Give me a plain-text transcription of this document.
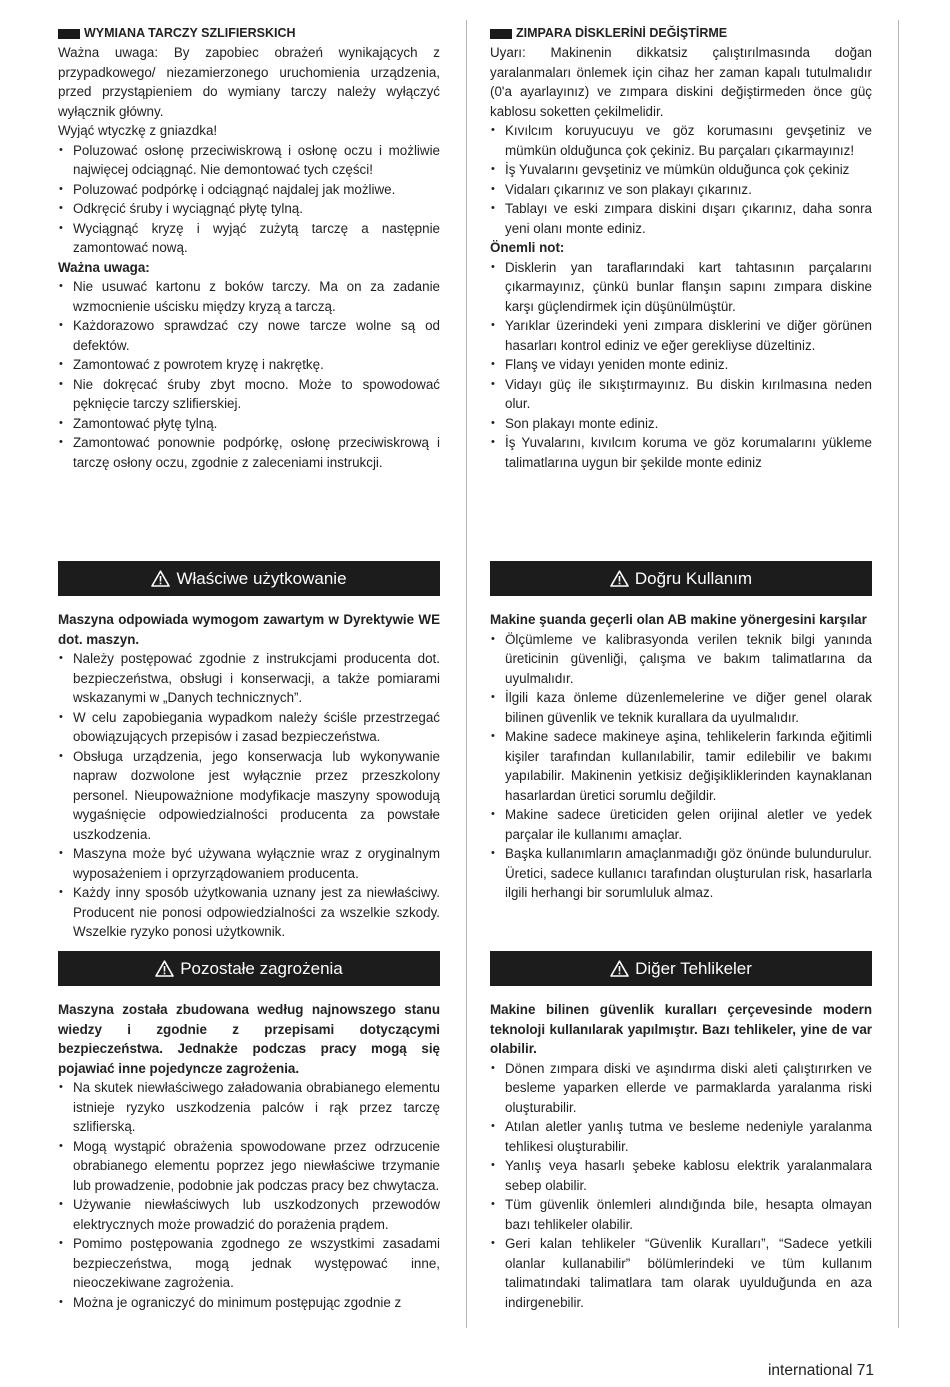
WYMIANA TARCZY SZLIFIERSKICH

Ważna uwaga: By zapobiec obrażeń wynikających z przypadkowego/ niezamierzonego uruchomienia urządzenia, przed przystąpieniem do wymiany tarczy należy wyłączyć wyłącznik główny.

Wyjąć wtyczkę z gniazdka!

• Poluzować osłonę przeciwiskrową i osłonę oczu i możliwie najwięcej odciągnąć. Nie demontować tych części!
• Poluzować podpórkę i odciągnąć najdalej jak możliwe.
• Odkręcić śruby i wyciągnąć płytę tylną.
• Wyciągnąć kryzę i wyjąć zużytą tarczę a następnie zamontować nową.

Ważna uwaga:

• Nie usuwać kartonu z boków tarczy. Ma on za zadanie wzmocnienie uścisku między kryzą a tarczą.
• Każdorazowo sprawdzać czy nowe tarcze wolne są od defektów.
• Zamontować z powrotem kryzę i nakrętkę.
• Nie dokręcać śruby zbyt mocno. Może to spowodować pęknięcie tarczy szlifierskiej.
• Zamontować płytę tylną.
• Zamontować ponownie podpórkę, osłonę przeciwiskrową i tarczę osłony oczu, zgodnie z zaleceniami instrukcji.
ZIMPARA DİSKLERİNİ DEĞİŞTİRME

Uyarı: Makinenin dikkatsiz çalıştırılmasında doğan yaralanmaları önlemek için cihaz her zaman kapalı tutulmalıdır (0'a ayarlayınız) ve zımpara diskini değiştirmeden önce güç kablosu soketten çekilmelidir.

• Kıvılcım koruyucuyu ve göz korumasını gevşetiniz ve mümkün olduğunca çok çekiniz. Bu parçaları çıkarmayınız!
• İş Yuvalarını gevşetiniz ve mümkün olduğunca çok çekiniz
• Vidaları çıkarınız ve son plakayı çıkarınız.
• Tablayı ve eski zımpara diskini dışarı çıkarınız, daha sonra yeni olanı monte ediniz.

Önemli not:

• Disklerin yan taraflarındaki kart tahtasının parçalarını çıkarmayınız, çünkü bunlar flanşın sapını zımpara diskine karşı güçlendirmek için düşünülmüştür.
• Yarıklar üzerindeki yeni zımpara disklerini ve diğer görünen hasarları kontrol ediniz ve eğer gerekliyse düzeltiniz.
• Flanş ve vidayı yeniden monte ediniz.
• Vidayı güç ile sıkıştırmayınız. Bu diskin kırılmasına neden olur.
• Son plakayı monte ediniz.
• İş Yuvalarını, kıvılcım koruma ve göz korumalarını yükleme talimatlarına uygun bir şekilde monte ediniz
Właściwe użytkowanie	Doğru Kullanım

Maszyna odpowiada wymogom zawartym w Dyrektywie WE dot. maszyn.

• Należy postępować zgodnie z instrukcjami producenta dot. bezpieczeństwa, obsługi i konserwacji, a także pomiarami wskazanymi w „Danych technicznych”.
• W celu zapobiegania wypadkom należy ściśle przestrzegać obowiązujących przepisów i zasad bezpieczeństwa.
• Obsługa urządzenia, jego konserwacja lub wykonywanie napraw dozwolone jest wyłącznie przez przeszkolony personel. Nieupoważnione modyfikacje maszyny spowodują wygaśnięcie odpowiedzialności producenta za powstałe uszkodzenia.
• Maszyna może być używana wyłącznie wraz z oryginalnym wyposażeniem i oprzyrządowaniem producenta.
• Każdy inny sposób użytkowania uznany jest za niewłaściwy. Producent nie ponosi odpowiedzialności za wszelkie szkody. Wszelkie ryzyko ponosi użytkownik.

Makine şuanda geçerli olan AB makine yönergesini karşılar

• Ölçümleme ve kalibrasyonda verilen teknik bilgi yanında üreticinin güvenliği, çalışma ve bakım talimatlarına da uyulmalıdır.
• İlgili kaza önleme düzenlemelerine ve diğer genel olarak bilinen güvenlik ve teknik kurallara da uyulmalıdır.
• Makine sadece makineye aşina, tehlikelerin farkında eğitimli kişiler tarafından kullanılabilir, tamir edilebilir ve bakımı yapılabilir. Makinenin yetkisiz değişikliklerinden kaynaklanan hasarlardan üretici sorumlu değildir.
• Makine sadece üreticiden gelen orijinal aletler ve yedek parçalar ile kullanımı amaçlar.
• Başka kullanımların amaçlanmadığı göz önünde bulundurulur. Üretici, sadece kullanıcı tarafından oluşturulan risk, hasarlarla ilgili herhangi bir sorumluluk almaz.
Pozostałe zagrożenia	Diğer Tehlikeler

Maszyna została zbudowana według najnowszego stanu wiedzy i zgodnie z przepisami dotyczącymi bezpieczeństwa. Jednakże podczas pracy mogą się pojawiać inne pojedyncze zagrożenia.

• Na skutek niewłaściwego załadowania obrabianego elementu istnieje ryzyko uszkodzenia palców i rąk przez tarczę szlifierską.
• Mogą wystąpić obrażenia spowodowane przez odrzucenie obrabianego elementu poprzez jego niewłaściwe trzymanie lub prowadzenie, podobnie jak podczas pracy bez chwytacza.
• Używanie niewłaściwych lub uszkodzonych przewodów elektrycznych może prowadzić do porażenia prądem.
• Pomimo postępowania zgodnego ze wszystkimi zasadami bezpieczeństwa, mogą jednak występować inne, nieoczekiwane zagrożenia.
• Można je ograniczyć do minimum postępując zgodnie z

Makine bilinen güvenlik kuralları çerçevesinde modern teknoloji kullanılarak yapılmıştır. Bazı tehlikeler, yine de var olabilir.

• Dönen zımpara diski ve aşındırma diski aleti çalıştırırken ve besleme yaparken ellerde ve parmaklarda yaralanma riski oluşturabilir.
• Atılan aletler yanlış tutma ve besleme nedeniyle yaralanma tehlikesi oluşturabilir.
• Yanlış veya hasarlı şebeke kablosu elektrik yaralanmalara sebep olabilir.
• Tüm güvenlik önlemleri alındığında bile, hesapta olmayan bazı tehlikeler olabilir.
• Geri kalan tehlikeler “Güvenlik Kuralları”, “Sadece yetkili olanlar kullanabilir” bölümlerindeki ve tüm kullanım talimatındaki talimatlara tam olarak uyulduğunda en aza indirgenebilir.
international 71
